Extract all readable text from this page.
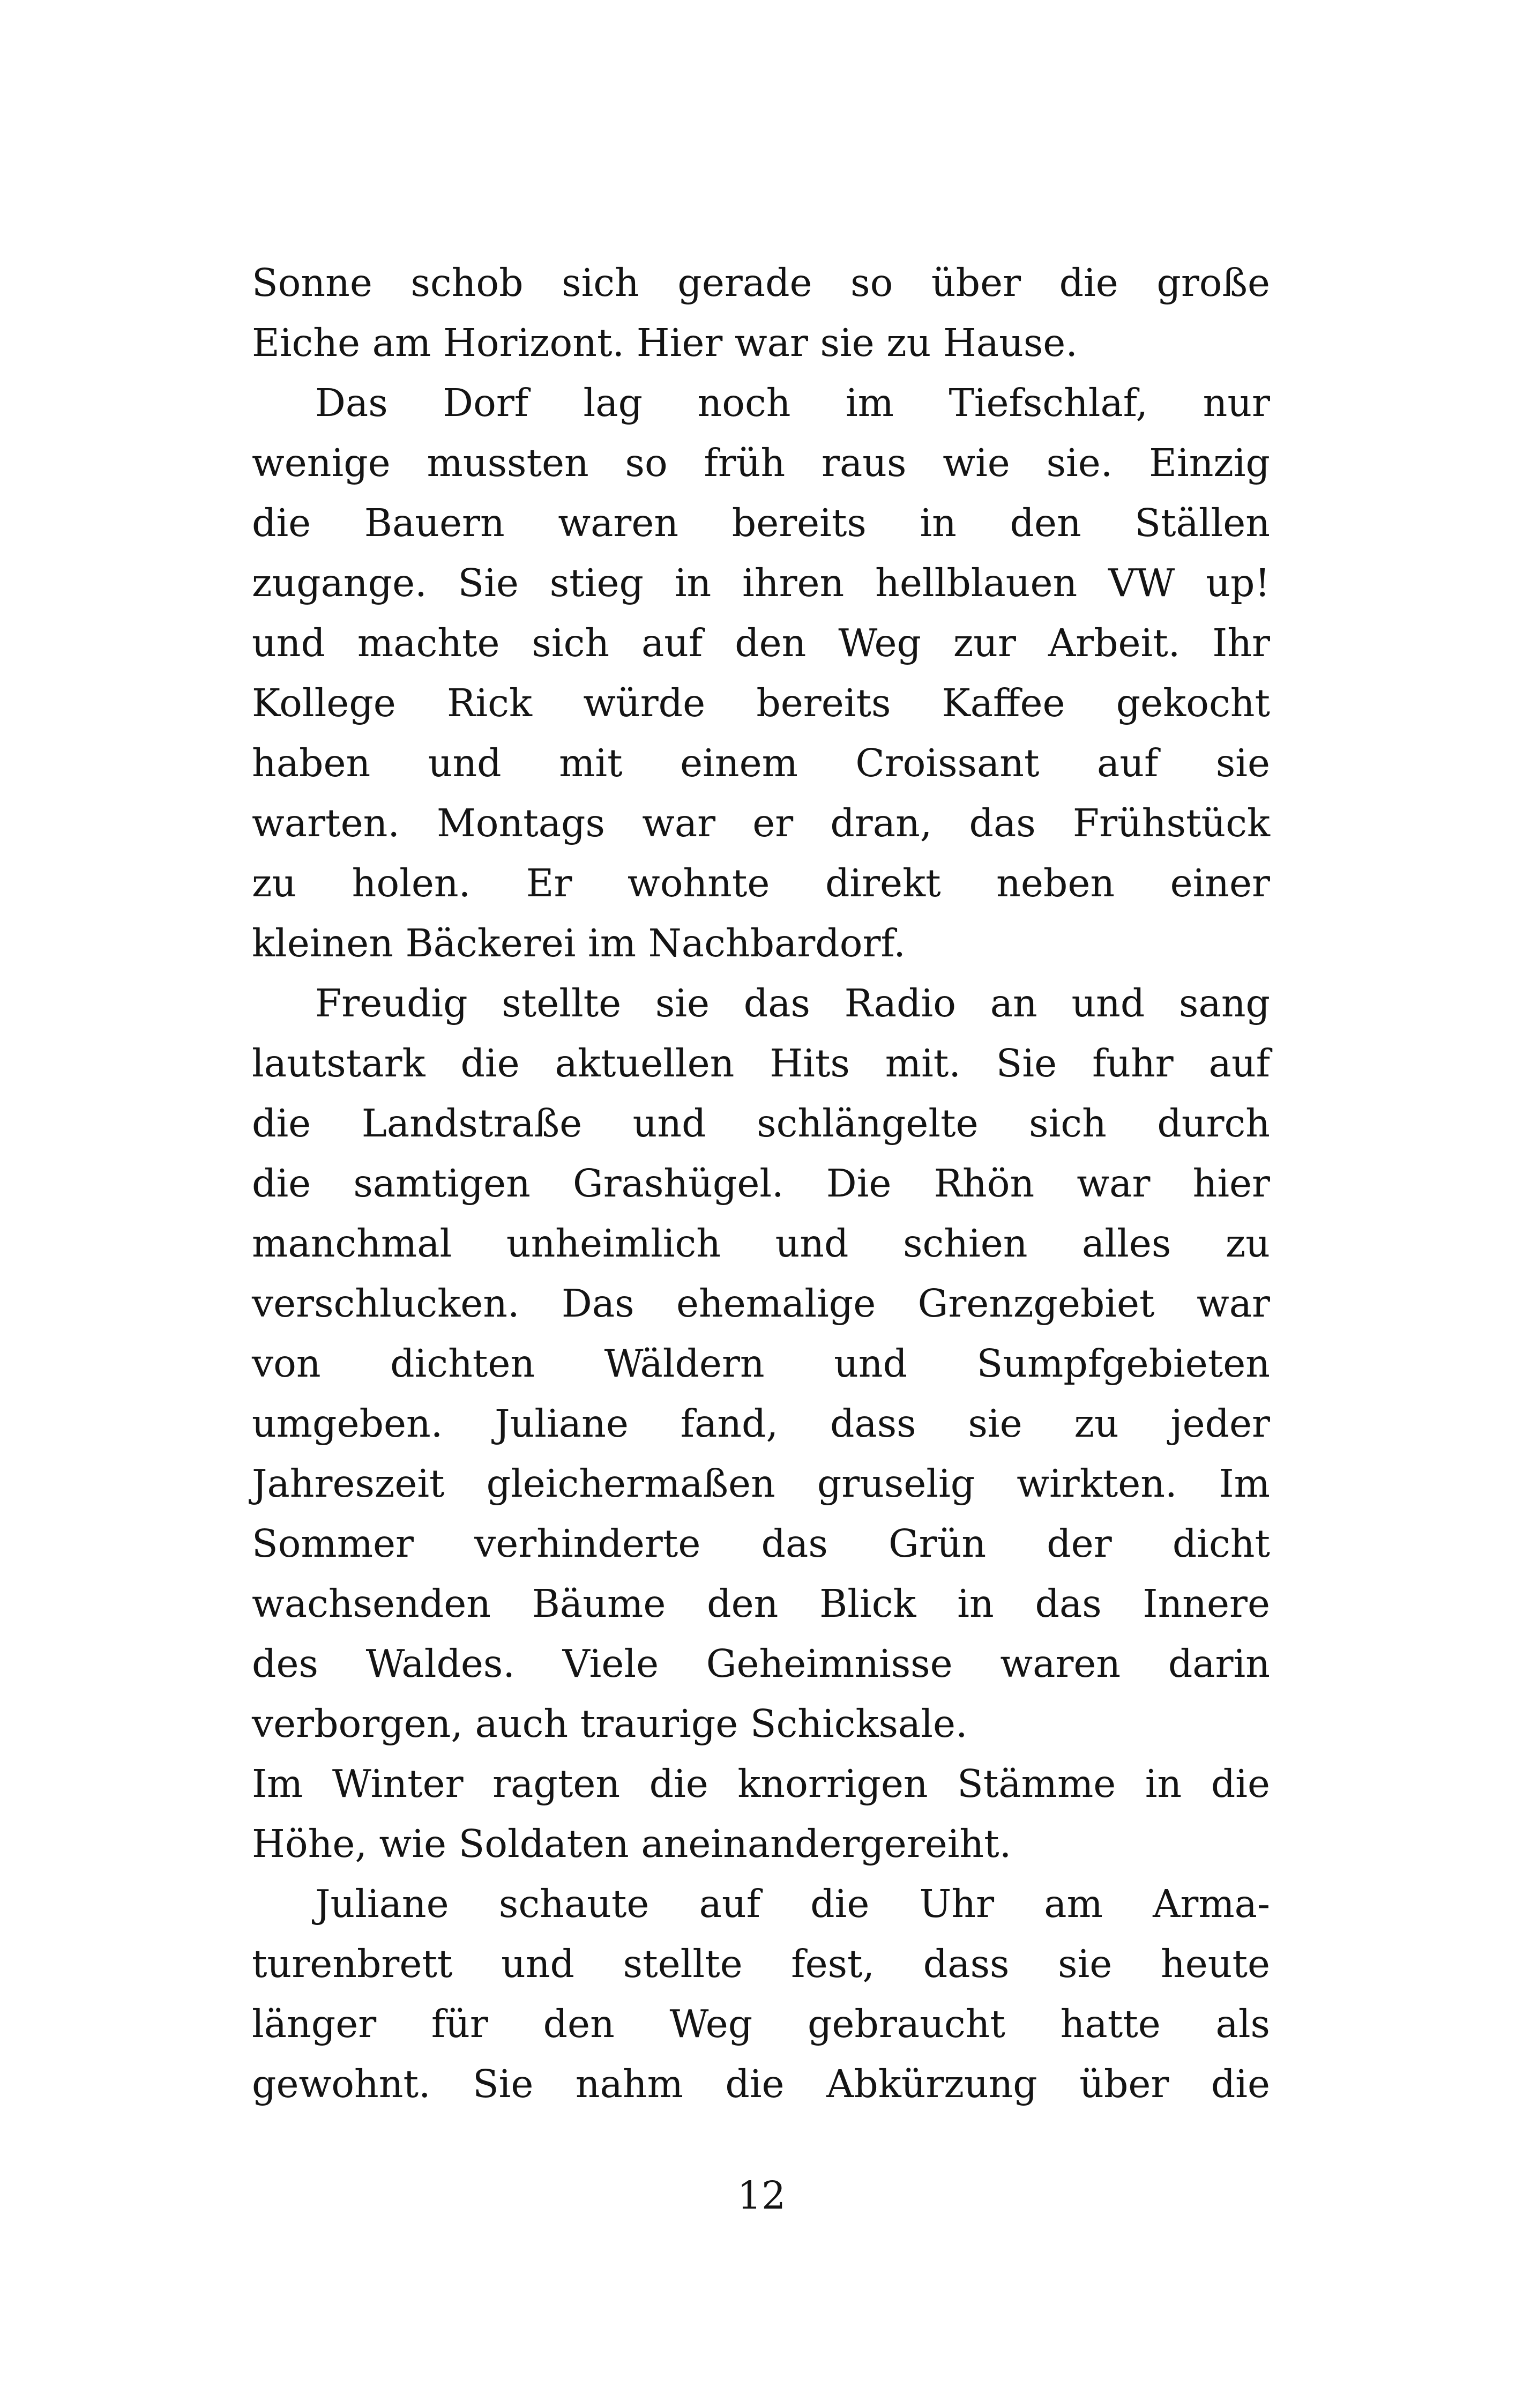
Sonne schob sich gerade so über die große
Eiche am Horizont. Hier war sie zu Hause.
Das Dorf lag noch im Tiefschlaf, nur
wenige mussten so früh raus wie sie. Einzig
die Bauern waren bereits in den Ställen
zugange. Sie stieg in ihren hellblauen VW up!
und machte sich auf den Weg zur Arbeit. Ihr
Kollege Rick würde bereits Kaffee gekocht
haben und mit einem Croissant auf sie
warten. Montags war er dran, das Frühstück
zu holen. Er wohnte direkt neben einer
kleinen Bäckerei im Nachbardorf.
Freudig stellte sie das Radio an und sang
lautstark die aktuellen Hits mit. Sie fuhr auf
die Landstraße und schlängelte sich durch
die samtigen Grashügel. Die Rhön war hier
manchmal unheimlich und schien alles zu
verschlucken. Das ehemalige Grenzgebiet war
von dichten Wäldern und Sumpfgebieten
umgeben. Juliane fand, dass sie zu jeder
Jahreszeit gleichermaßen gruselig wirkten. Im
Sommer verhinderte das Grün der dicht
wachsenden Bäume den Blick in das Innere
des Waldes. Viele Geheimnisse waren darin
verborgen, auch traurige Schicksale.
Im Winter ragten die knorrigen Stämme in die
Höhe, wie Soldaten aneinandergereiht.
Juliane schaute auf die Uhr am Arma-
turenbrett und stellte fest, dass sie heute
länger für den Weg gebraucht hatte als
gewohnt. Sie nahm die Abkürzung über die
12
